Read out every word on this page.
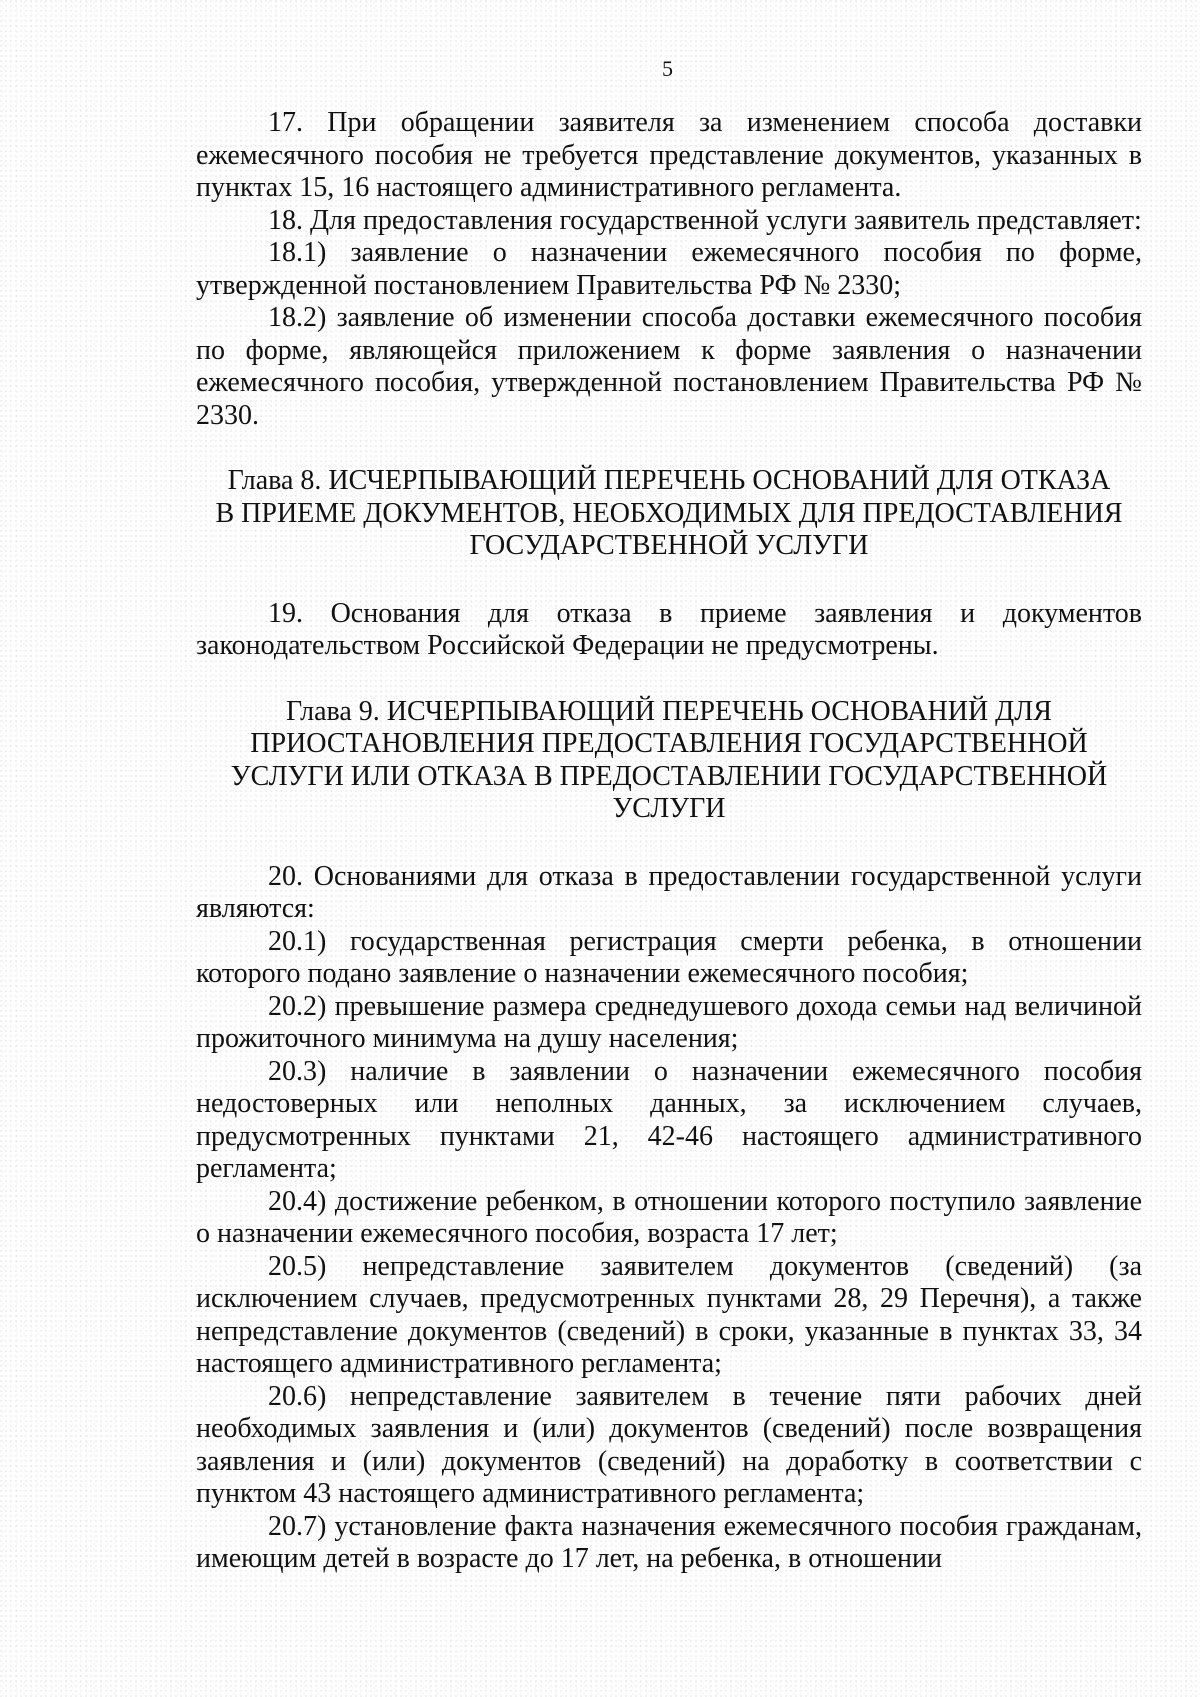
5

17. При обращении заявителя за изменением способа доставки ежемесячного пособия не требуется представление документов, указанных в пунктах 15, 16 настоящего административного регламента.

18. Для предоставления государственной услуги заявитель представляет:

18.1) заявление о назначении ежемесячного пособия по форме, утвержденной постановлением Правительства РФ № 2330;

18.2) заявление об изменении способа доставки ежемесячного пособия по форме, являющейся приложением к форме заявления о назначении ежемесячного пособия, утвержденной постановлением Правительства РФ № 2330.

Глава 8. ИСЧЕРПЫВАЮЩИЙ ПЕРЕЧЕНЬ ОСНОВАНИЙ ДЛЯ ОТКАЗА
В ПРИЕМЕ ДОКУМЕНТОВ, НЕОБХОДИМЫХ ДЛЯ ПРЕДОСТАВЛЕНИЯ
ГОСУДАРСТВЕННОЙ УСЛУГИ

19. Основания для отказа в приеме заявления и документов законодательством Российской Федерации не предусмотрены.

Глава 9. ИСЧЕРПЫВАЮЩИЙ ПЕРЕЧЕНЬ ОСНОВАНИЙ ДЛЯ
ПРИОСТАНОВЛЕНИЯ ПРЕДОСТАВЛЕНИЯ ГОСУДАРСТВЕННОЙ
УСЛУГИ ИЛИ ОТКАЗА В ПРЕДОСТАВЛЕНИИ ГОСУДАРСТВЕННОЙ
УСЛУГИ

20. Основаниями для отказа в предоставлении государственной услуги являются:

20.1) государственная регистрация смерти ребенка, в отношении которого подано заявление о назначении ежемесячного пособия;

20.2) превышение размера среднедушевого дохода семьи над величиной прожиточного минимума на душу населения;

20.3) наличие в заявлении о назначении ежемесячного пособия недостоверных или неполных данных, за исключением случаев, предусмотренных пунктами 21, 42-46 настоящего административного регламента;

20.4) достижение ребенком, в отношении которого поступило заявление о назначении ежемесячного пособия, возраста 17 лет;

20.5) непредставление заявителем документов (сведений) (за исключением случаев, предусмотренных пунктами 28, 29 Перечня), а также непредставление документов (сведений) в сроки, указанные в пунктах 33, 34 настоящего административного регламента;

20.6) непредставление заявителем в течение пяти рабочих дней необходимых заявления и (или) документов (сведений) после возвращения заявления и (или) документов (сведений) на доработку в соответствии с пунктом 43 настоящего административного регламента;

20.7) установление факта назначения ежемесячного пособия гражданам, имеющим детей в возрасте до 17 лет, на ребенка, в отношении
